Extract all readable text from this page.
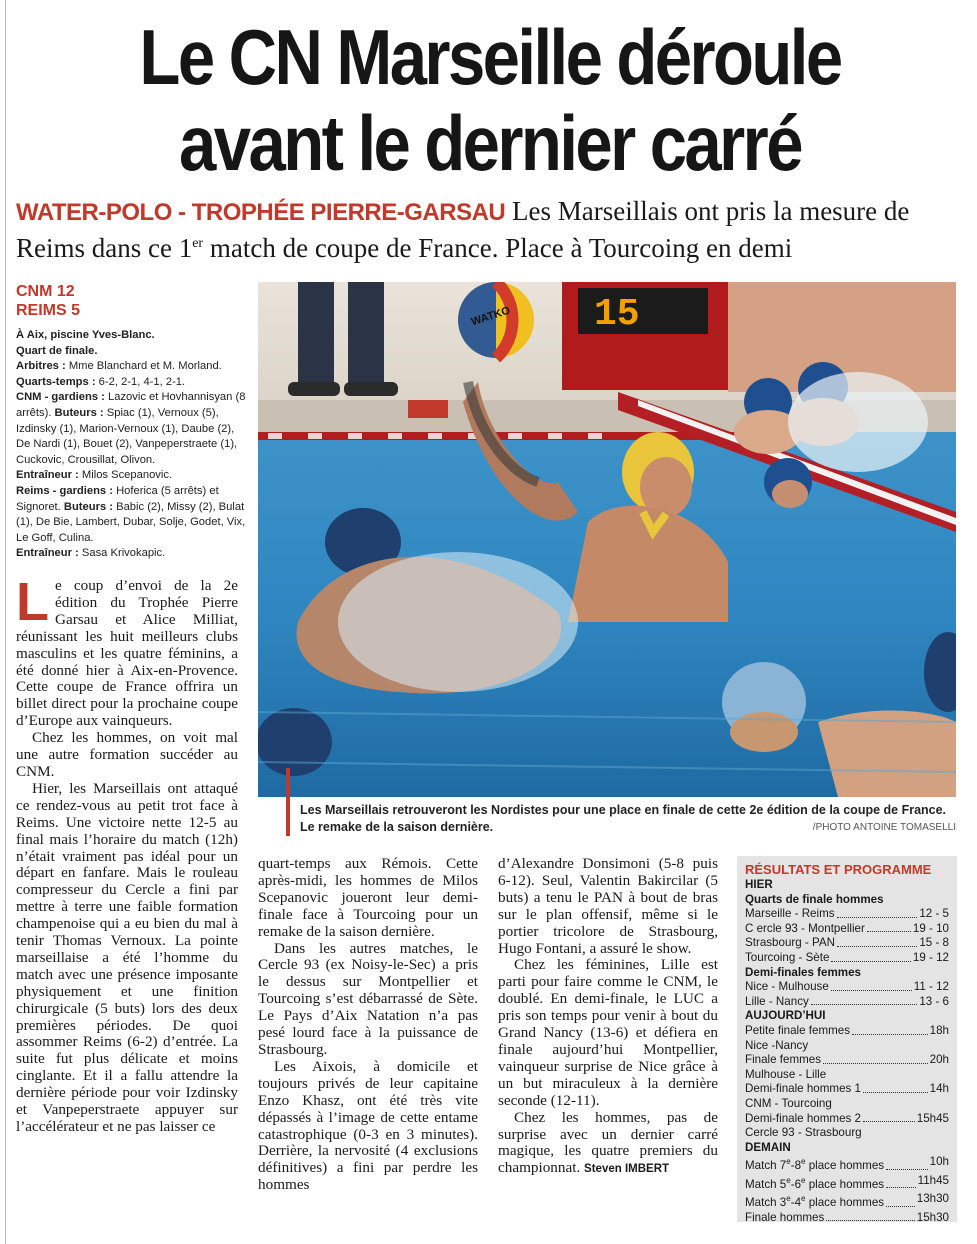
Le CN Marseille déroule
avant le dernier carré
WATER-POLO - TROPHÉE PIERRE-GARSAU Les Marseillais ont pris la mesure de Reims dans ce 1er match de coupe de France. Place à Tourcoing en demi
CNM 12
REIMS 5

À Aix, piscine Yves-Blanc.

Quart de finale.

Arbitres : Mme Blanchard et M. Morland.

Quarts-temps : 6-2, 2-1, 4-1, 2-1.

CNM - gardiens : Lazovic et Hovhannisyan (8 arrêts). Buteurs : Spiac (1), Vernoux (5), Izdinsky (1), Marion-Vernoux (1), Daube (2), De Nardi (1), Bouet (2), Vanpeperstraete (1), Cuckovic, Crousillat, Olivon.

Entraîneur : Milos Scepanovic.

Reims - gardiens : Hoferica (5 arrêts) et Signoret. Buteurs : Babic (2), Missy (2), Bulat (1), De Bie, Lambert, Dubar, Solje, Godet, Vix, Le Goff, Culina.

Entraîneur : Sasa Krivokapic.

15
WATKO
Les Marseillais retrouveront les Nordistes pour une place en finale de cette 2e édition de la coupe de France. Le remake de la saison dernière.	/PHOTO ANTOINE TOMASELLI

Le coup d’envoi de la 2e édition du Trophée Pierre Garsau et Alice Milliat, réunissant les huit meilleurs clubs masculins et les quatre féminins, a été donné hier à Aix-en-Provence. Cette coupe de France offrira un billet direct pour la prochaine coupe d’Europe aux vainqueurs.

Chez les hommes, on voit mal une autre formation succéder au CNM.

Hier, les Marseillais ont attaqué ce rendez-vous au petit trot face à Reims. Une victoire nette 12-5 au final mais l’horaire du match (12h) n’était vraiment pas idéal pour un départ en fanfare. Mais le rouleau compresseur du Cercle a fini par mettre à terre une faible formation champenoise qui a eu bien du mal à tenir Thomas Vernoux. La pointe marseillaise a été l’homme du match avec une présence imposante physiquement et une finition chirurgicale (5 buts) lors des deux premières périodes. De quoi assommer Reims (6-2) d’entrée. La suite fut plus délicate et moins cinglante. Et il a fallu attendre la dernière période pour voir Izdinsky et Vanpeperstraete appuyer sur l’accélérateur et ne pas laisser ce

quart-temps aux Rémois. Cette après-midi, les hommes de Milos Scepanovic joueront leur demi-finale face à Tourcoing pour un remake de la saison dernière.

Dans les autres matches, le Cercle 93 (ex Noisy-le-Sec) a pris le dessus sur Montpellier et Tourcoing s’est débarrassé de Sète. Le Pays d’Aix Natation n’a pas pesé lourd face à la puissance de Strasbourg.

Les Aixois, à domicile et toujours privés de leur capitaine Enzo Khasz, ont été très vite dépassés à l’image de cette entame catastrophique (0-3 en 3 minutes). Derrière, la nervosité (4 exclusions définitives) a fini par perdre les hommes

d’Alexandre Donsimoni (5-8 puis 6-12). Seul, Valentin Bakircilar (5 buts) a tenu le PAN à bout de bras sur le plan offensif, même si le portier tricolore de Strasbourg, Hugo Fontani, a assuré le show.

Chez les féminines, Lille est parti pour faire comme le CNM, le doublé. En demi-finale, le LUC a pris son temps pour venir à bout du Grand Nancy (13-6) et défiera en finale aujourd’hui Montpellier, vainqueur surprise de Nice grâce à un but miraculeux à la dernière seconde (12-11).

Chez les hommes, pas de surprise avec un dernier carré magique, les quatre premiers du championnat. Steven IMBERT

RÉSULTATS ET PROGRAMME
HIER
Quarts de finale hommes
Marseille - Reims	12 - 5
C ercle 93 - Montpellier	19 - 10
Strasbourg - PAN	15 - 8
Tourcoing - Sète	19 - 12
Demi-finales femmes
Nice - Mulhouse	11 - 12
Lille - Nancy	13 - 6
AUJOURD’HUI
Petite finale femmes	18h
Nice -Nancy
Finale femmes	20h
Mulhouse - Lille
Demi-finale hommes 1	14h
CNM - Tourcoing
Demi-finale hommes 2	15h45
Cercle 93 - Strasbourg
DEMAIN
Match 7e-8e place hommes	10h
Match 5e-6e place hommes	11h45
Match 3e-4e place hommes	13h30
Finale hommes	15h30
